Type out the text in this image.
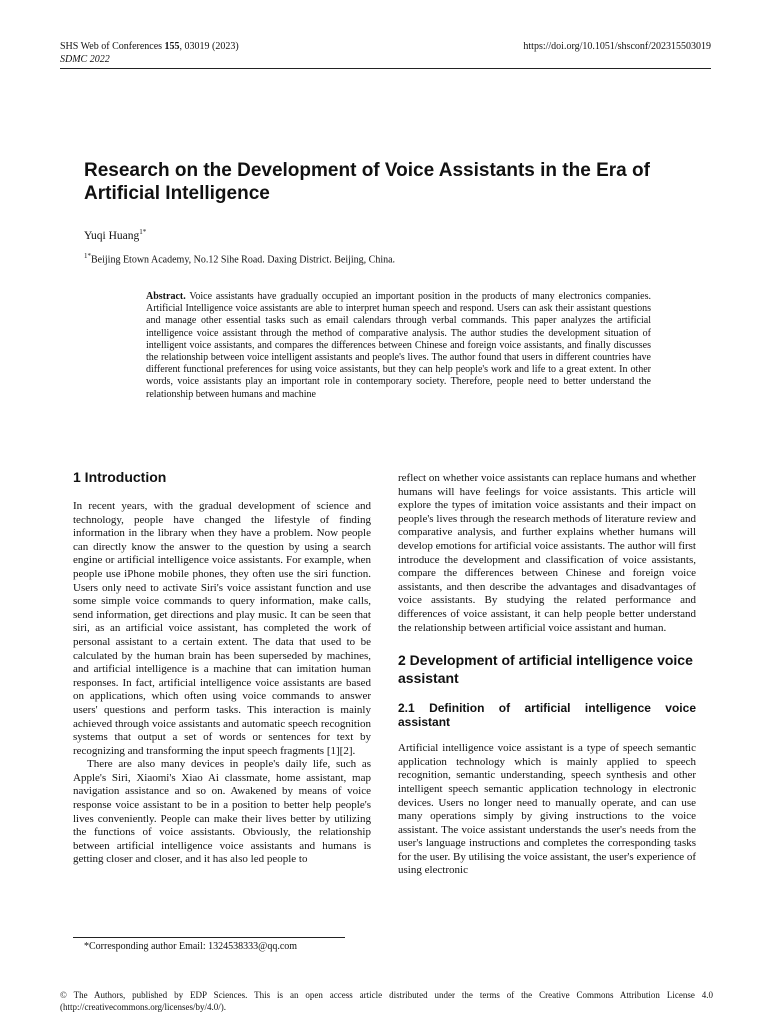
SHS Web of Conferences 155, 03019 (2023)
SDMC 2022
https://doi.org/10.1051/shsconf/202315503019
Research on the Development of Voice Assistants in the Era of Artificial Intelligence
Yuqi Huang$^{1*}$
$^{1*}$Beijing Etown Academy, No.12 Sihe Road. Daxing District. Beijing, China.

Abstract. Voice assistants have gradually occupied an important position in the products of many electronics companies. Artificial Intelligence voice assistants are able to interpret human speech and respond. Users can ask their assistant questions and manage other essential tasks such as email calendars through verbal commands. This paper analyzes the artificial intelligence voice assistant through the method of comparative analysis. The author studies the development situation of intelligent voice assistants, and compares the differences between Chinese and foreign voice assistants, and finally discusses the relationship between voice intelligent assistants and people's lives. The author found that users in different countries have different functional preferences for using voice assistants, but they can help people's work and life to a great extent. In other words, voice assistants play an important role in contemporary society. Therefore, people need to better understand the relationship between humans and machine

1 Introduction

In recent years, with the gradual development of science and technology, people have changed the lifestyle of finding information in the library when they have a problem. Now people can directly know the answer to the question by using a search engine or artificial intelligence voice assistants. For example, when people use iPhone mobile phones, they often use the siri function. Users only need to activate Siri's voice assistant function and use some simple voice commands to query information, make calls, send information, get directions and play music. It can be seen that siri, as an artificial voice assistant, has completed the work of personal assistant to a certain extent. The data that used to be calculated by the human brain has been superseded by machines, and artificial intelligence is a machine that can imitation human responses. In fact, artificial intelligence voice assistants are based on applications, which often using voice commands to answer users' questions and perform tasks. This interaction is mainly achieved through voice assistants and automatic speech recognition systems that output a set of words or sentences for text by recognizing and transforming the input speech fragments [1][2].

There are also many devices in people's daily life, such as Apple's Siri, Xiaomi's Xiao Ai classmate, home assistant, map navigation assistance and so on. Awakened by means of voice response voice assistant to be in a position to better help people's lives conveniently. People can make their lives better by utilizing the functions of voice assistants. Obviously, the relationship between artificial intelligence voice assistants and humans is getting closer and closer, and it has also led people to

reflect on whether voice assistants can replace humans and whether humans will have feelings for voice assistants. This article will explore the types of imitation voice assistants and their impact on people's lives through the research methods of literature review and comparative analysis, and further explains whether humans will develop emotions for artificial voice assistants. The author will first introduce the development and classification of voice assistants, compare the differences between Chinese and foreign voice assistants, and then describe the advantages and disadvantages of voice assistants. By studying the related performance and differences of voice assistant, it can help people better understand the relationship between artificial voice assistant and human.

2 Development of artificial intelligence voice assistant
2.1 Definition of artificial intelligence voice assistant

Artificial intelligence voice assistant is a type of speech semantic application technology which is mainly applied to speech recognition, semantic understanding, speech synthesis and other intelligent speech semantic application technology in electronic devices. Users no longer need to manually operate, and can use many operations simply by giving instructions to the voice assistant. The voice assistant understands the user's needs from the user's language instructions and completes the corresponding tasks for the user. By utilising the voice assistant, the user's experience of using electronic

*Corresponding author Email: 1324538333@qq.com

© The Authors, published by EDP Sciences. This is an open access article distributed under the terms of the Creative Commons Attribution License 4.0 (http://creativecommons.org/licenses/by/4.0/).
